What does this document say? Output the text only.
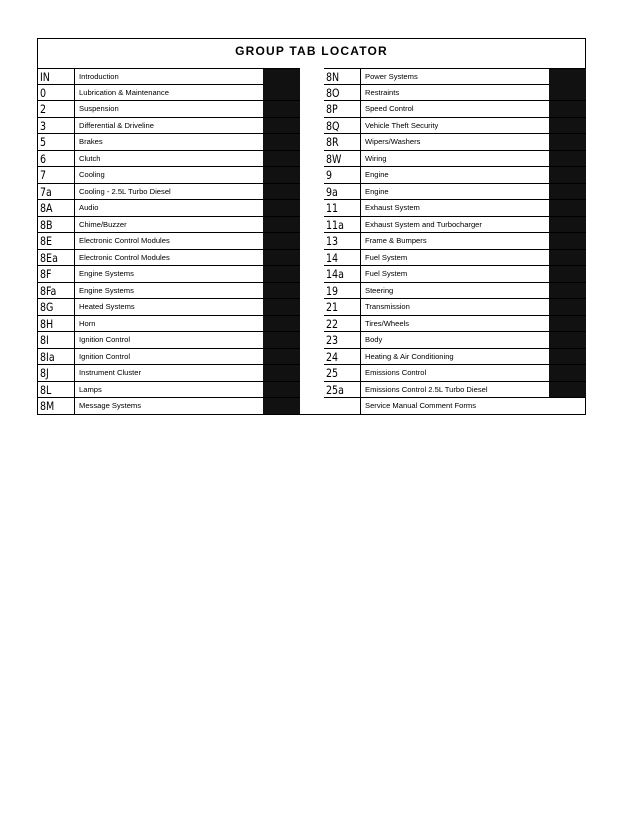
GROUP TAB LOCATOR
IN	Introduction
0	Lubrication & Maintenance
2	Suspension
3	Differential & Driveline
5	Brakes
6	Clutch
7	Cooling
7a	Cooling - 2.5L Turbo Diesel
8A	Audio
8B	Chime/Buzzer
8E	Electronic Control Modules
8Ea	Electronic Control Modules
8F	Engine Systems
8Fa	Engine Systems
8G	Heated Systems
8H	Horn
8I	Ignition Control
8Ia	Ignition Control
8J	Instrument Cluster
8L	Lamps
8M	Message Systems
8N	Power Systems
8O	Restraints
8P	Speed Control
8Q	Vehicle Theft Security
8R	Wipers/Washers
8W	Wiring
9	Engine
9a	Engine
11	Exhaust System
11a	Exhaust System and Turbocharger
13	Frame & Bumpers
14	Fuel System
14a	Fuel System
19	Steering
21	Transmission
22	Tires/Wheels
23	Body
24	Heating & Air Conditioning
25	Emissions Control
25a	Emissions Control 2.5L Turbo Diesel
Service Manual Comment Forms
